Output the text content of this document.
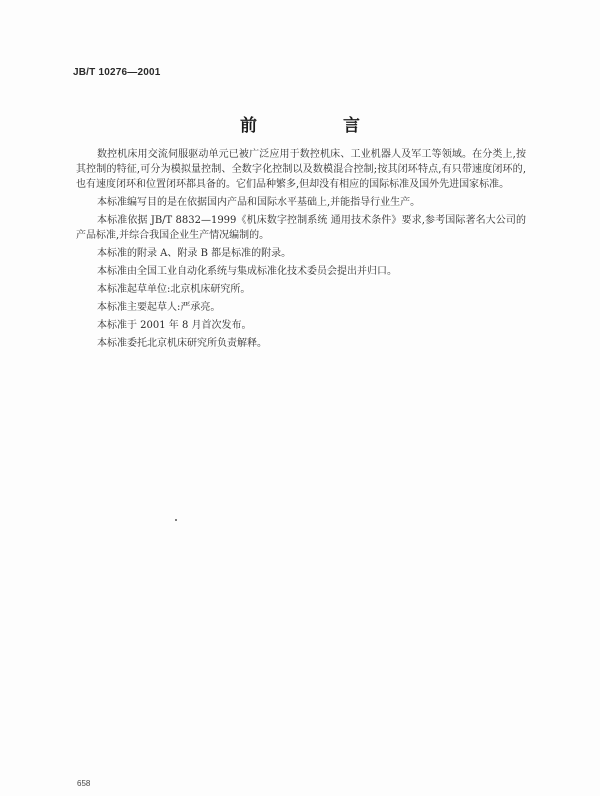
JB/T 10276—2001
前 言

数控机床用交流伺服驱动单元已被广泛应用于数控机床、工业机器人及军工等领域。在分类上,按其控制的特征,可分为模拟量控制、全数字化控制以及数模混合控制;按其闭环特点,有只带速度闭环的,也有速度闭环和位置闭环都具备的。它们品种繁多,但却没有相应的国际标准及国外先进国家标准。

本标准编写目的是在依据国内产品和国际水平基础上,并能指导行业生产。

本标准依据 JB/T 8832—1999《机床数字控制系统 通用技术条件》要求,参考国际著名大公司的产品标准,并综合我国企业生产情况编制的。

本标准的附录 A、附录 B 都是标准的附录。

本标准由全国工业自动化系统与集成标准化技术委员会提出并归口。

本标准起草单位:北京机床研究所。

本标准主要起草人:严承亮。

本标准于 2001 年 8 月首次发布。

本标准委托北京机床研究所负责解释。

658
